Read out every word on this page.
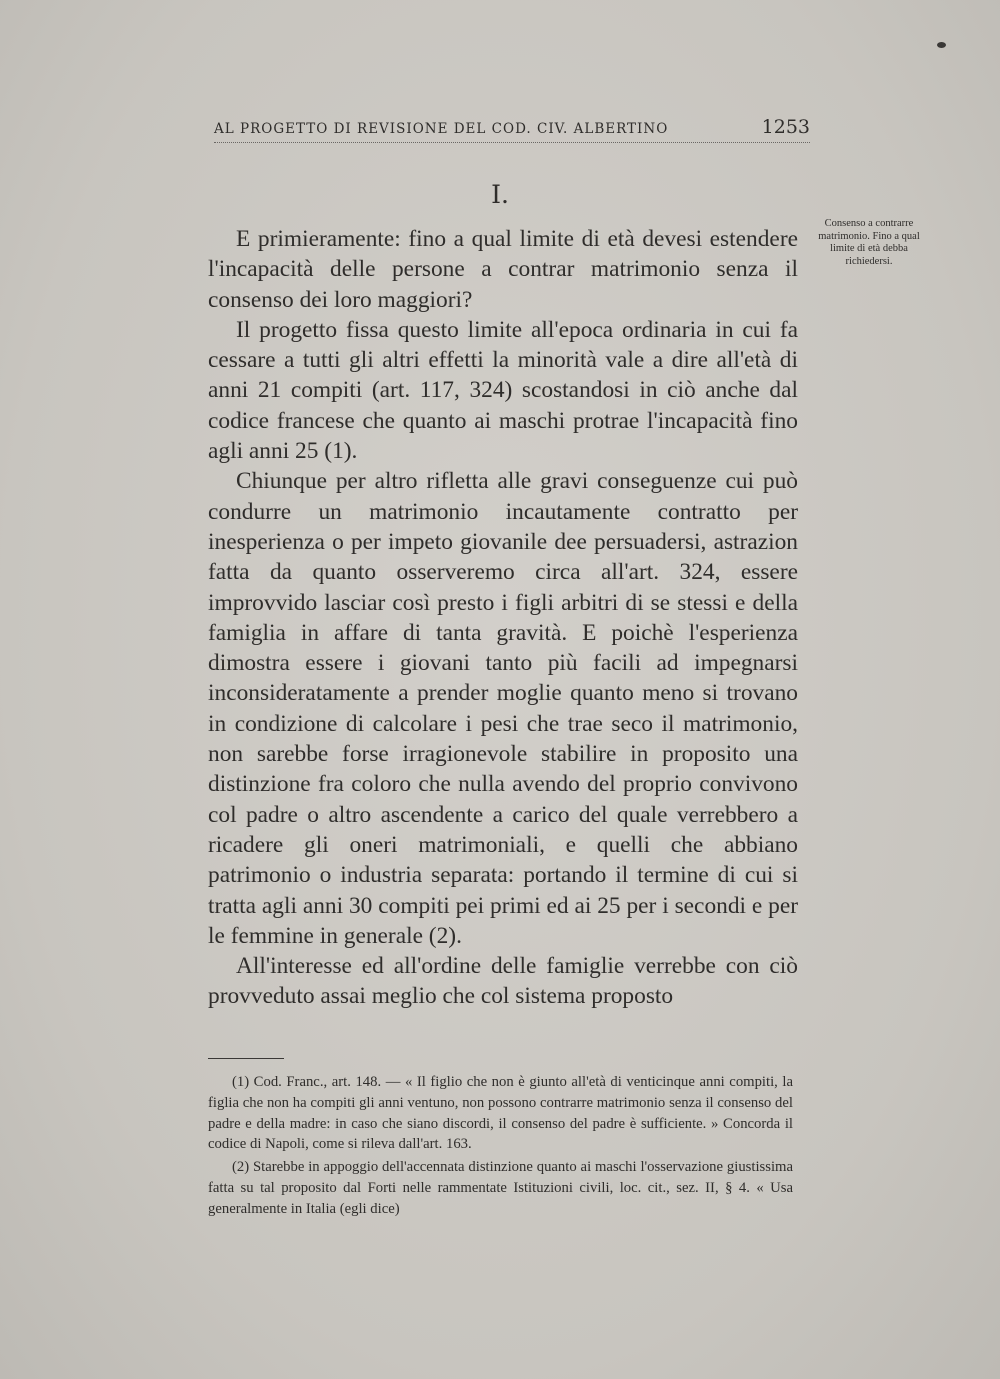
AL PROGETTO DI REVISIONE DEL COD. CIV. ALBERTINO	1253
I.
Consenso a contrarre matrimonio. Fino a qual limite di età debba richiedersi.

E primieramente: fino a qual limite di età devesi estendere l'incapacità delle persone a contrar matrimonio senza il consenso dei loro maggiori?

Il progetto fissa questo limite all'epoca ordinaria in cui fa cessare a tutti gli altri effetti la minorità vale a dire all'età di anni 21 compiti (art. 117, 324) scostandosi in ciò anche dal codice francese che quanto ai maschi protrae l'incapacità fino agli anni 25 (1).

Chiunque per altro rifletta alle gravi conseguenze cui può condurre un matrimonio incautamente contratto per inesperienza o per impeto giovanile dee persuadersi, astrazion fatta da quanto osserveremo circa all'art. 324, essere improvvido lasciar così presto i figli arbitri di se stessi e della famiglia in affare di tanta gravità. E poichè l'esperienza dimostra essere i giovani tanto più facili ad impegnarsi inconsideratamente a prender moglie quanto meno si trovano in condizione di calcolare i pesi che trae seco il matrimonio, non sarebbe forse irragionevole stabilire in proposito una distinzione fra coloro che nulla avendo del proprio convivono col padre o altro ascendente a carico del quale verrebbero a ricadere gli oneri matrimoniali, e quelli che abbiano patrimonio o industria separata: portando il termine di cui si tratta agli anni 30 compiti pei primi ed ai 25 per i secondi e per le femmine in generale (2).

All'interesse ed all'ordine delle famiglie verrebbe con ciò provveduto assai meglio che col sistema proposto

(1) Cod. Franc., art. 148. — « Il figlio che non è giunto all'età di venticinque anni compiti, la figlia che non ha compiti gli anni ventuno, non possono contrarre matrimonio senza il consenso del padre e della madre: in caso che siano discordi, il consenso del padre è sufficiente. » Concorda il codice di Napoli, come si rileva dall'art. 163.

(2) Starebbe in appoggio dell'accennata distinzione quanto ai maschi l'osservazione giustissima fatta su tal proposito dal Forti nelle rammentate Istituzioni civili, loc. cit., sez. II, § 4. « Usa generalmente in Italia (egli dice)
